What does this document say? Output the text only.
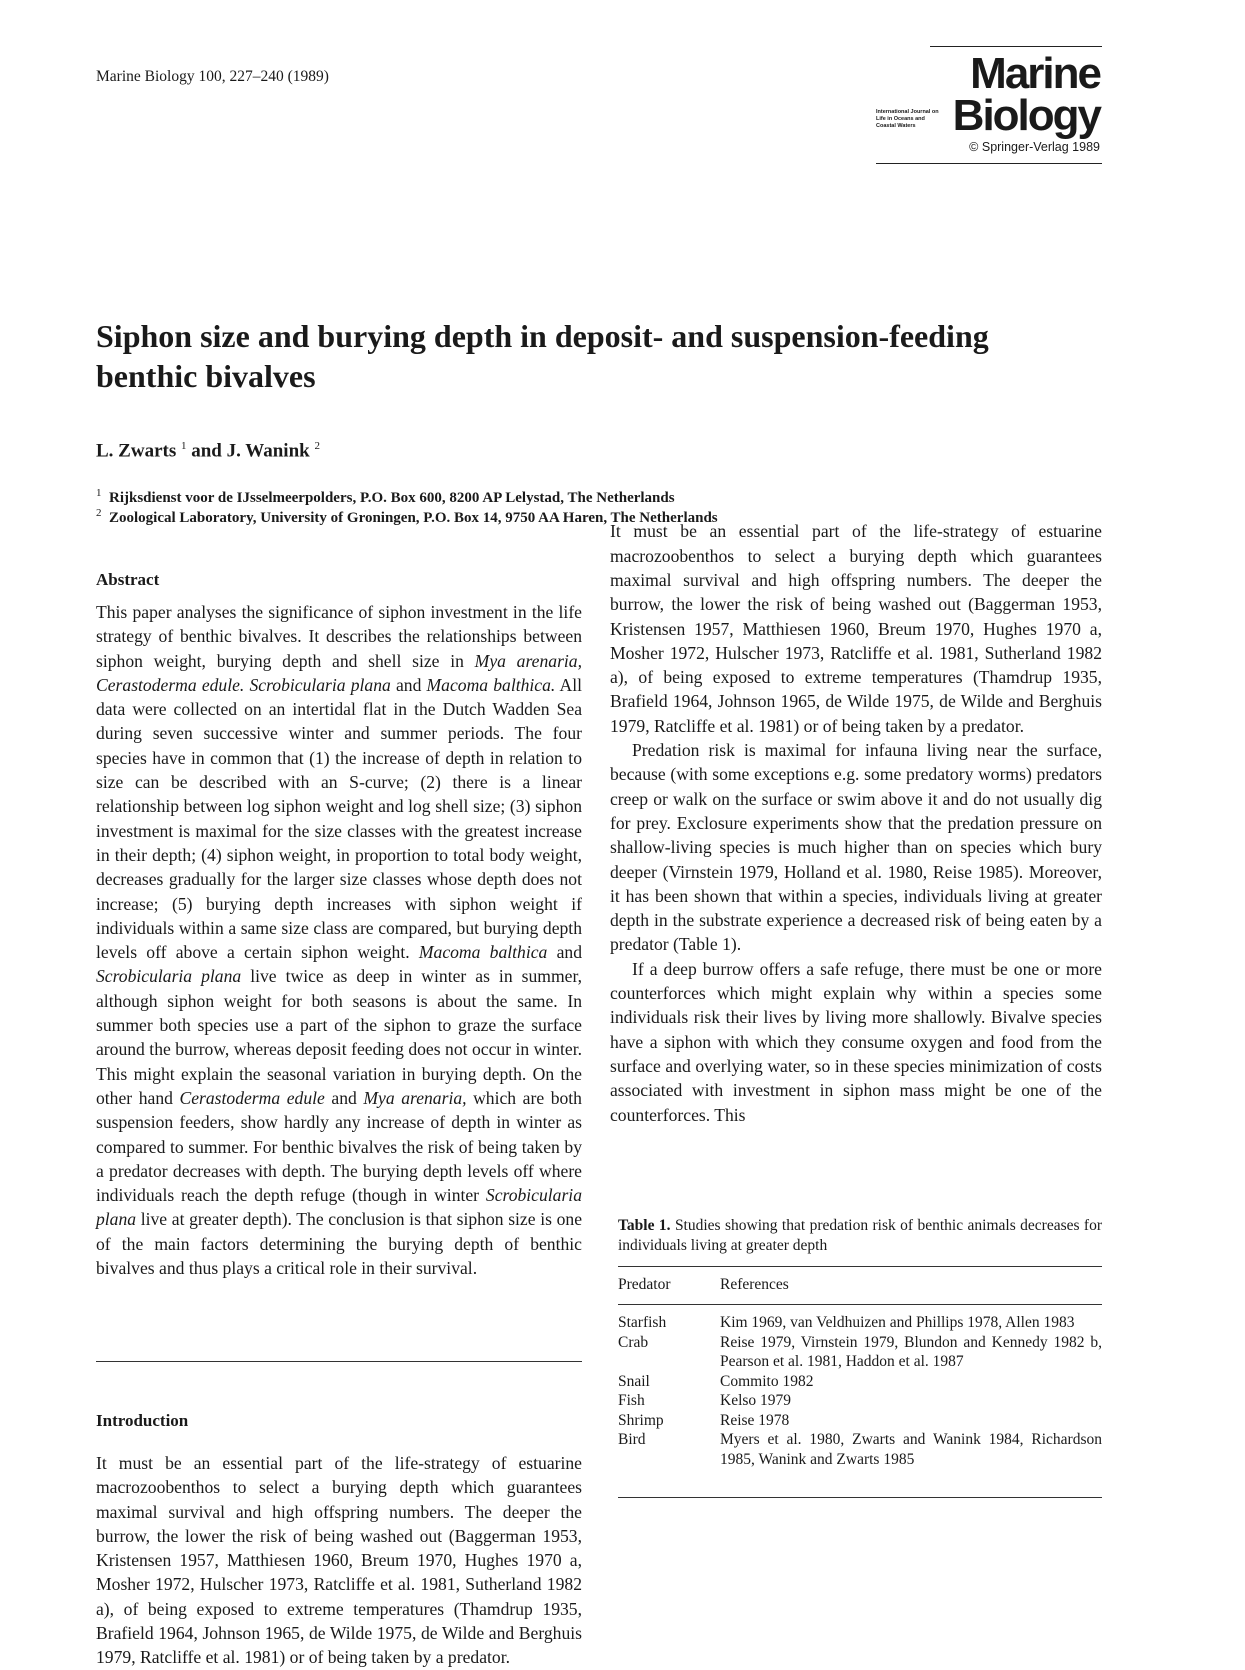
Marine Biology 100, 227–240 (1989)	Marine
International Journal on Life in Oceans and Coastal Waters Biology
© Springer-Verlag 1989
Siphon size and burying depth in deposit- and suspension-feeding benthic bivalves
L. Zwarts $^1$ and J. Wanink $^2$
$^1$ Rijksdienst voor de IJsselmeerpolders, P.O. Box 600, 8200 AP Lelystad, The Netherlands
$^2$ Zoological Laboratory, University of Groningen, P.O. Box 14, 9750 AA Haren, The Netherlands
Abstract
This paper analyses the significance of siphon investment in the life strategy of benthic bivalves. It describes the relationships between siphon weight, burying depth and shell size in Mya arenaria, Cerastoderma edule. Scrobicularia plana and Macoma balthica. All data were collected on an intertidal flat in the Dutch Wadden Sea during seven successive winter and summer periods. The four species have in common that (1) the increase of depth in relation to size can be described with an S-curve; (2) there is a linear relationship between log siphon weight and log shell size; (3) siphon investment is maximal for the size classes with the greatest increase in their depth; (4) siphon weight, in proportion to total body weight, decreases gradually for the larger size classes whose depth does not increase; (5) burying depth increases with siphon weight if individuals within a same size class are compared, but burying depth levels off above a certain siphon weight. Macoma balthica and Scrobicularia plana live twice as deep in winter as in summer, although siphon weight for both seasons is about the same. In summer both species use a part of the siphon to graze the surface around the burrow, whereas deposit feeding does not occur in winter. This might explain the seasonal variation in burying depth. On the other hand Cerastoderma edule and Mya arenaria, which are both suspension feeders, show hardly any increase of depth in winter as compared to summer. For benthic bivalves the risk of being taken by a predator decreases with depth. The burying depth levels off where individuals reach the depth refuge (though in winter Scrobicularia plana live at greater depth). The conclusion is that siphon size is one of the main factors determining the burying depth of benthic bivalves and thus plays a critical role in their survival.
Introduction

It must be an essential part of the life-strategy of estuarine macrozoobenthos to select a burying depth which guarantees maximal survival and high offspring numbers. The deeper the burrow, the lower the risk of being washed out (Baggerman 1953, Kristensen 1957, Matthiesen 1960, Breum 1970, Hughes 1970 a, Mosher 1972, Hulscher 1973, Ratcliffe et al. 1981, Sutherland 1982 a), of being exposed to extreme temperatures (Thamdrup 1935, Brafield 1964, Johnson 1965, de Wilde 1975, de Wilde and Berghuis 1979, Ratcliffe et al. 1981) or of being taken by a predator.

It must be an essential part of the life-strategy of estuarine macrozoobenthos to select a burying depth which guarantees maximal survival and high offspring numbers. The deeper the burrow, the lower the risk of being washed out (Baggerman 1953, Kristensen 1957, Matthiesen 1960, Breum 1970, Hughes 1970 a, Mosher 1972, Hulscher 1973, Ratcliffe et al. 1981, Sutherland 1982 a), of being exposed to extreme temperatures (Thamdrup 1935, Brafield 1964, Johnson 1965, de Wilde 1975, de Wilde and Berghuis 1979, Ratcliffe et al. 1981) or of being taken by a predator.

Predation risk is maximal for infauna living near the surface, because (with some exceptions e.g. some predatory worms) predators creep or walk on the surface or swim above it and do not usually dig for prey. Exclosure experiments show that the predation pressure on shallow-living species is much higher than on species which bury deeper (Virnstein 1979, Holland et al. 1980, Reise 1985). Moreover, it has been shown that within a species, individuals living at greater depth in the substrate experience a decreased risk of being eaten by a predator (Table 1).

If a deep burrow offers a safe refuge, there must be one or more counterforces which might explain why within a species some individuals risk their lives by living more shallowly. Bivalve species have a siphon with which they consume oxygen and food from the surface and overlying water, so in these species minimization of costs associated with investment in siphon mass might be one of the counterforces. This

Table 1. Studies showing that predation risk of benthic animals decreases for individuals living at greater depth
Predator	References
Starfish	Kim 1969, van Veldhuizen and Phillips 1978, Allen 1983
Crab	Reise 1979, Virnstein 1979, Blundon and Kennedy 1982 b, Pearson et al. 1981, Haddon et al. 1987
Snail	Commito 1982
Fish	Kelso 1979
Shrimp	Reise 1978
Bird	Myers et al. 1980, Zwarts and Wanink 1984, Richardson 1985, Wanink and Zwarts 1985
